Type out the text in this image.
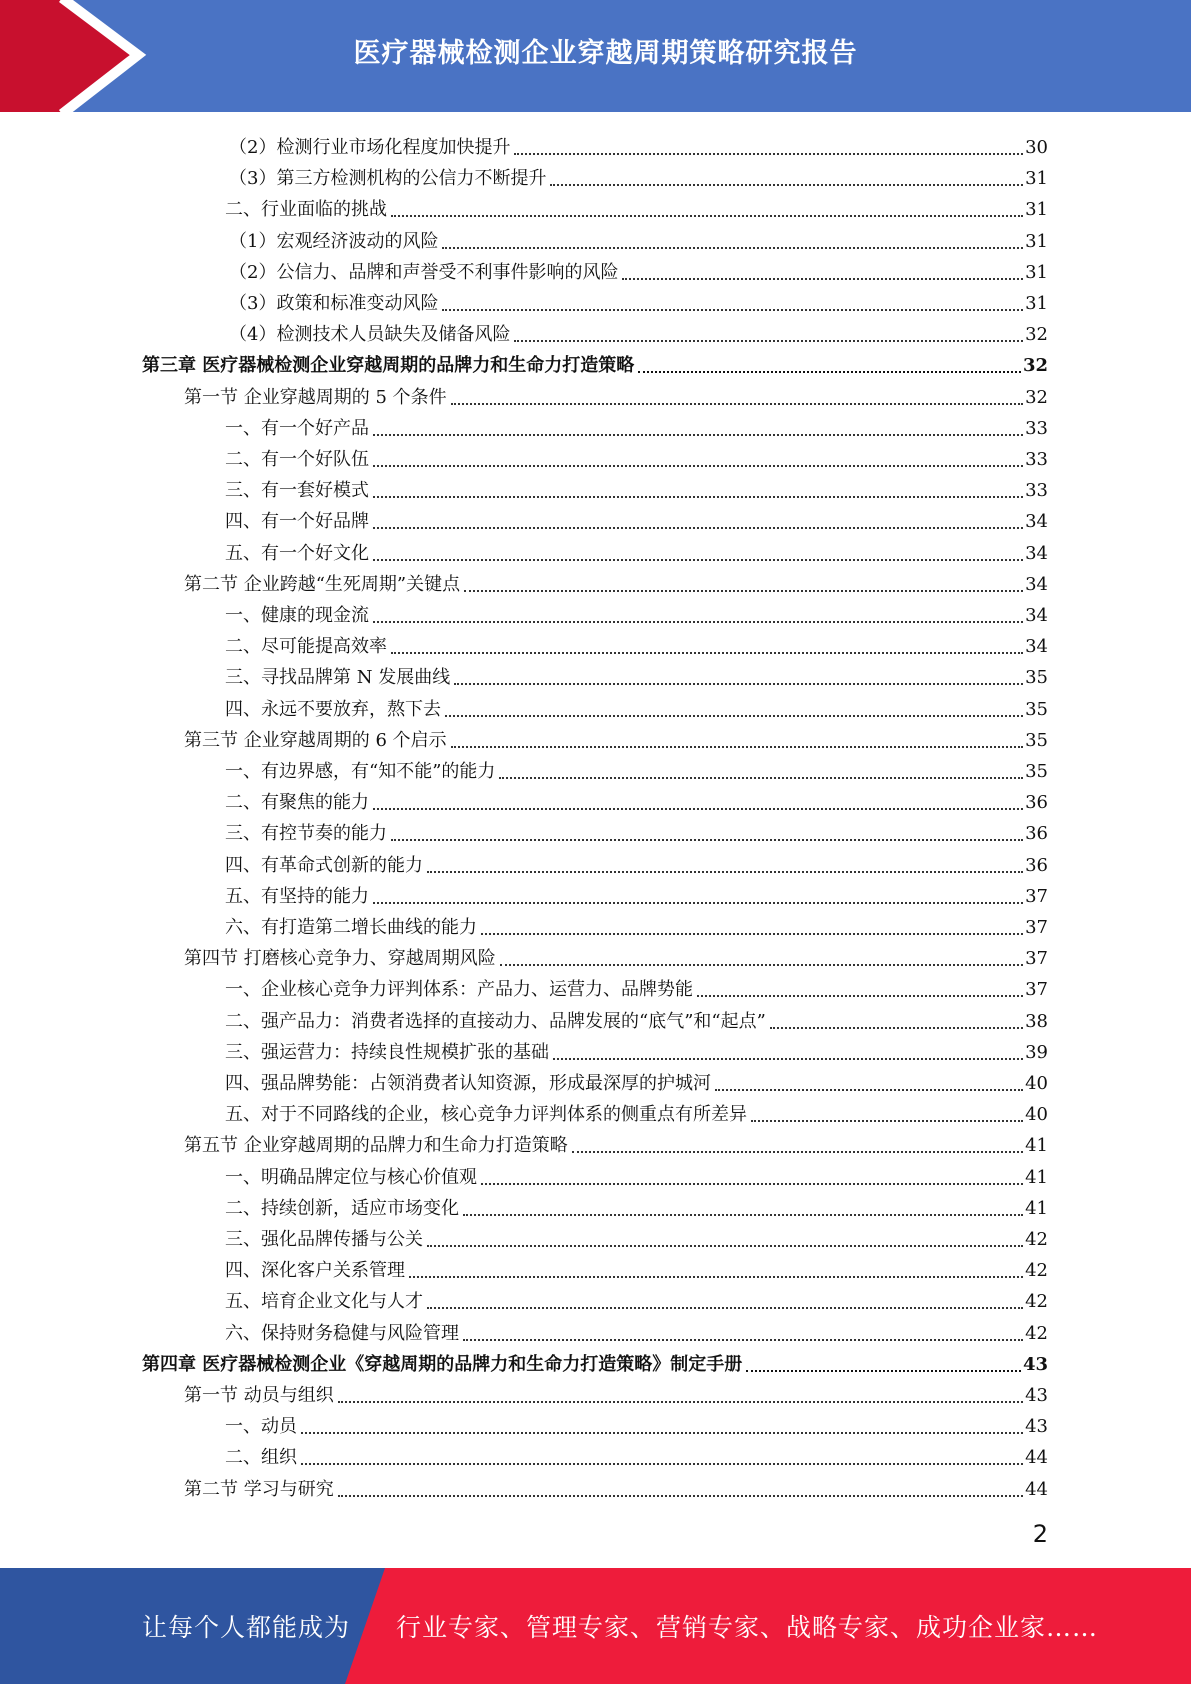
医疗器械检测企业穿越周期策略研究报告
（2）检测行业市场化程度加快提升	30
（3）第三方检测机构的公信力不断提升	31
二、行业面临的挑战	31
（1）宏观经济波动的风险	31
（2）公信力、品牌和声誉受不利事件影响的风险	31
（3）政策和标准变动风险	31
（4）检测技术人员缺失及储备风险	32
第三章 医疗器械检测企业穿越周期的品牌力和生命力打造策略	32
第一节 企业穿越周期的 5 个条件	32
一、有一个好产品	33
二、有一个好队伍	33
三、有一套好模式	33
四、有一个好品牌	34
五、有一个好文化	34
第二节 企业跨越“生死周期”关键点	34
一、健康的现金流	34
二、尽可能提高效率	34
三、寻找品牌第 N 发展曲线	35
四、永远不要放弃，熬下去	35
第三节 企业穿越周期的 6 个启示	35
一、有边界感，有“知不能”的能力	35
二、有聚焦的能力	36
三、有控节奏的能力	36
四、有革命式创新的能力	36
五、有坚持的能力	37
六、有打造第二增长曲线的能力	37
第四节 打磨核心竞争力、穿越周期风险	37
一、企业核心竞争力评判体系：产品力、运营力、品牌势能	37
二、强产品力：消费者选择的直接动力、品牌发展的“底气”和“起点”	38
三、强运营力：持续良性规模扩张的基础	39
四、强品牌势能：占领消费者认知资源，形成最深厚的护城河	40
五、对于不同路线的企业，核心竞争力评判体系的侧重点有所差异	40
第五节 企业穿越周期的品牌力和生命力打造策略	41
一、明确品牌定位与核心价值观	41
二、持续创新，适应市场变化	41
三、强化品牌传播与公关	42
四、深化客户关系管理	42
五、培育企业文化与人才	42
六、保持财务稳健与风险管理	42
第四章 医疗器械检测企业《穿越周期的品牌力和生命力打造策略》制定手册	43
第一节 动员与组织	43
一、动员	43
二、组织	44
第二节 学习与研究	44
2
让每个人都能成为 行业专家、管理专家、营销专家、战略专家、成功企业家……
